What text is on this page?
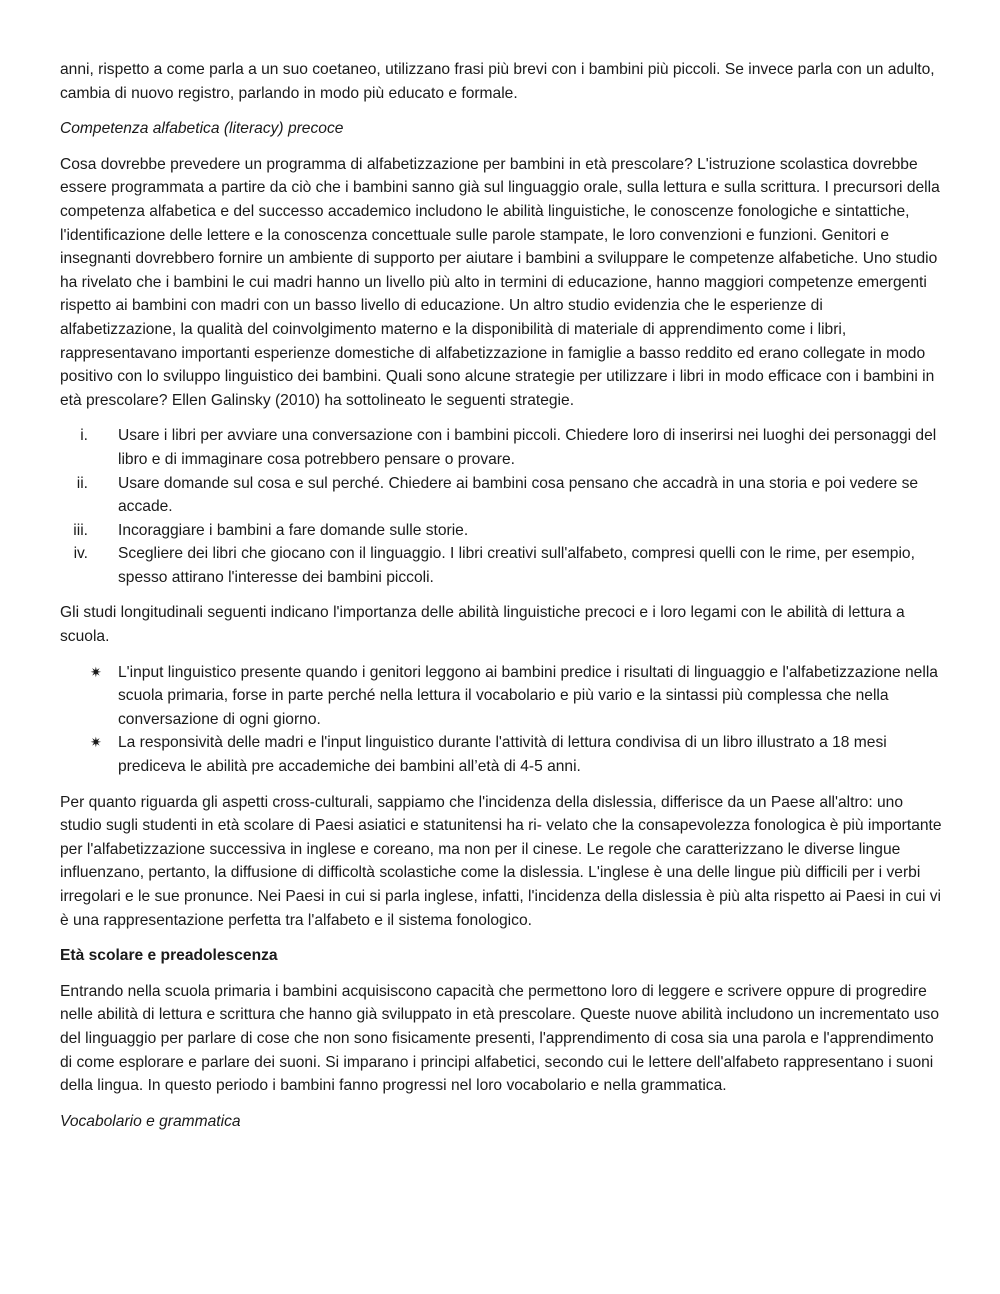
anni, rispetto a come parla a un suo coetaneo, utilizzano frasi più brevi con i bambini più piccoli. Se invece parla con un adulto, cambia di nuovo registro, parlando in modo più educato e formale.

Competenza alfabetica (literacy) precoce

Cosa dovrebbe prevedere un programma di alfabetizzazione per bambini in età prescolare? L'istruzione scolastica dovrebbe essere programmata a partire da ciò che i bambini sanno già sul linguaggio orale, sulla lettura e sulla scrittura. I precursori della competenza alfabetica e del successo accademico includono le abilità linguistiche, le conoscenze fonologiche e sintattiche, l'identificazione delle lettere e la conoscenza concettuale sulle parole stampate, le loro convenzioni e funzioni. Genitori e insegnanti dovrebbero fornire un ambiente di supporto per aiutare i bambini a sviluppare le competenze alfabetiche. Uno studio ha rivelato che i bambini le cui madri hanno un livello più alto in termini di educazione, hanno maggiori competenze emergenti rispetto ai bambini con madri con un basso livello di educazione. Un altro studio evidenzia che le esperienze di alfabetizzazione, la qualità del coinvolgimento materno e la disponibilità di materiale di apprendimento come i libri, rappresentavano importanti esperienze domestiche di alfabetizzazione in famiglie a basso reddito ed erano collegate in modo positivo con lo sviluppo linguistico dei bambini. Quali sono alcune strategie per utilizzare i libri in modo efficace con i bambini in età prescolare? Ellen Galinsky (2010) ha sottolineato le seguenti strategie.

i. Usare i libri per avviare una conversazione con i bambini piccoli. Chiedere loro di inserirsi nei luoghi dei personaggi del libro e di immaginare cosa potrebbero pensare o provare.
ii. Usare domande sul cosa e sul perché. Chiedere ai bambini cosa pensano che accadrà in una storia e poi vedere se accade.
iii. Incoraggiare i bambini a fare domande sulle storie.
iv. Scegliere dei libri che giocano con il linguaggio. I libri creativi sull'alfabeto, compresi quelli con le rime, per esempio, spesso attirano l'interesse dei bambini piccoli.

Gli studi longitudinali seguenti indicano l'importanza delle abilità linguistiche precoci e i loro legami con le abilità di lettura a scuola.

✷ L'input linguistico presente quando i genitori leggono ai bambini predice i risultati di linguaggio e l'alfabetizzazione nella scuola primaria, forse in parte perché nella lettura il vocabolario e più vario e la sintassi più complessa che nella conversazione di ogni giorno.
✷ La responsività delle madri e l'input linguistico durante l'attività di lettura condivisa di un libro illustrato a 18 mesi prediceva le abilità pre accademiche dei bambini all’età di 4-5 anni.

Per quanto riguarda gli aspetti cross-culturali, sappiamo che l'incidenza della dislessia, differisce da un Paese all'altro: uno studio sugli studenti in età scolare di Paesi asiatici e statunitensi ha ri- velato che la consapevolezza fonologica è più importante per l'alfabetizzazione successiva in inglese e coreano, ma non per il cinese. Le regole che caratterizzano le diverse lingue influenzano, pertanto, la diffusione di difficoltà scolastiche come la dislessia. L'inglese è una delle lingue più difficili per i verbi irregolari e le sue pronunce. Nei Paesi in cui si parla inglese, infatti, l'incidenza della dislessia è più alta rispetto ai Paesi in cui vi è una rappresentazione perfetta tra l'alfabeto e il sistema fonologico.

Età scolare e preadolescenza

Entrando nella scuola primaria i bambini acquisiscono capacità che permettono loro di leggere e scrivere oppure di progredire nelle abilità di lettura e scrittura che hanno già sviluppato in età prescolare. Queste nuove abilità includono un incrementato uso del linguaggio per parlare di cose che non sono fisicamente presenti, l'apprendimento di cosa sia una parola e l'apprendimento di come esplorare e parlare dei suoni. Si imparano i principi alfabetici, secondo cui le lettere dell'alfabeto rappresentano i suoni della lingua. In questo periodo i bambini fanno progressi nel loro vocabolario e nella grammatica.

Vocabolario e grammatica
